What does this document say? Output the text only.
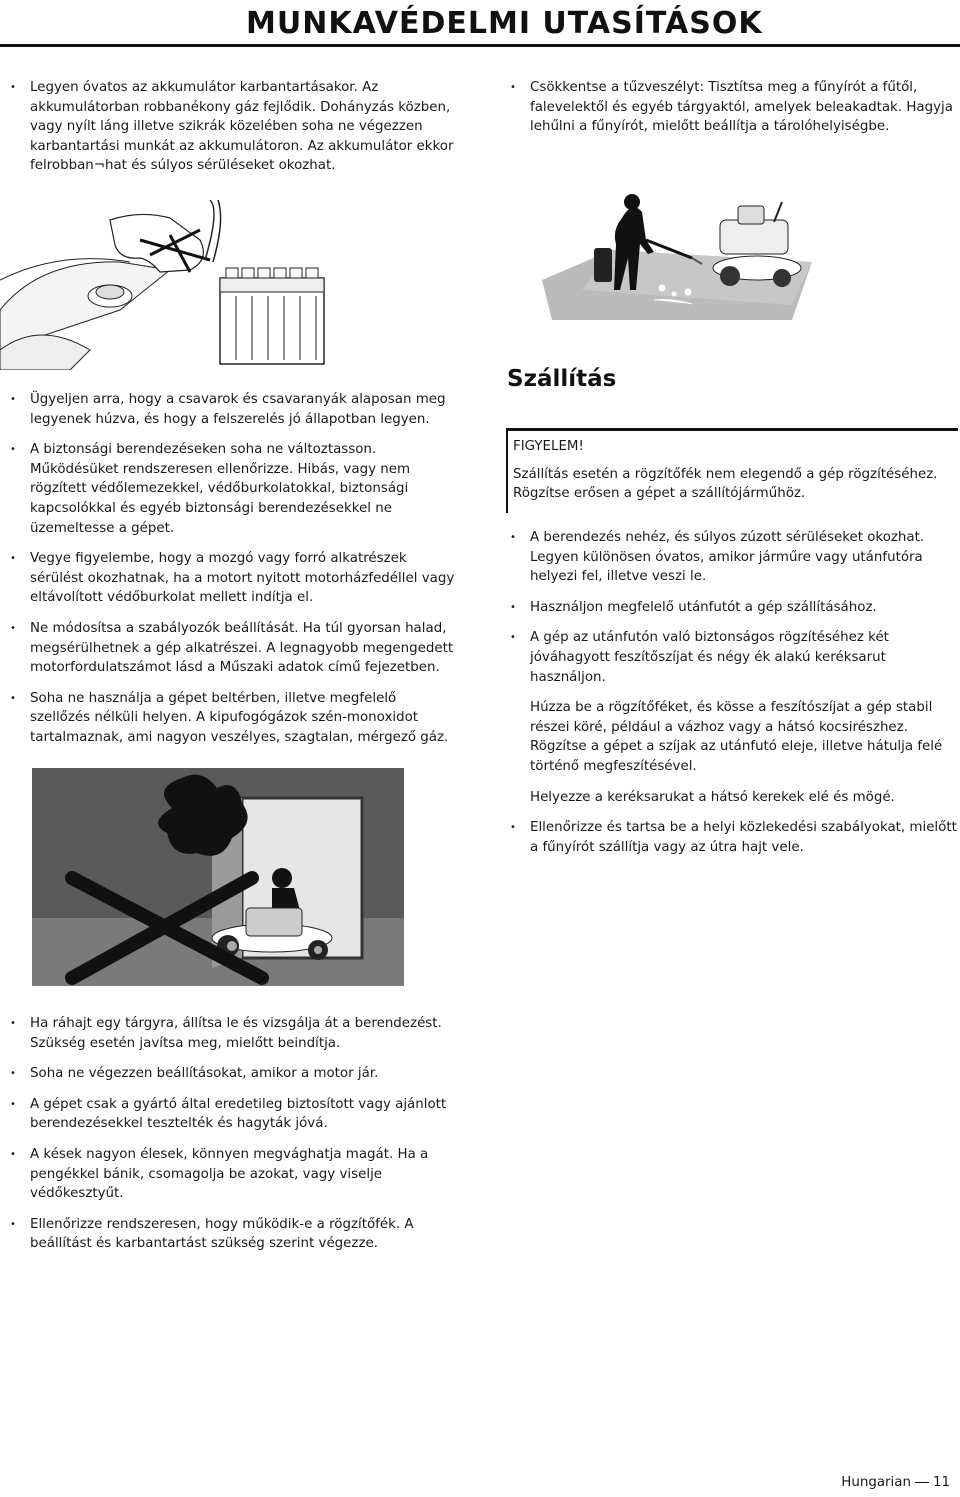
MUNKAVÉDELMI UTASÍTÁSOK
• Legyen óvatos az akkumulátor karbantartásakor. Az akkumulátorban robbanékony gáz fejlődik. Dohányzás közben, vagy nyílt láng illetve szikrák közelében soha ne végezzen karbantartási munkát az akkumulátoron. Az akkumulátor ekkor felrobban¬hat és súlyos sérüléseket okozhat.
• Csökkentse a tűzveszélyt: Tisztítsa meg a fűnyírót a fűtől, falevelektől és egyéb tárgyaktól, amelyek beleakadtak. Hagyja lehűlni a fűnyírót, mielőtt beállítja a tárolóhelyiségbe.
• Ügyeljen arra, hogy a csavarok és csavaranyák alaposan meg legyenek húzva, és hogy a felszerelés jó állapotban legyen.
• A biztonsági berendezéseken soha ne változtasson. Működésüket rendszeresen ellenőrizze. Hibás, vagy nem rögzített védőlemezekkel, védőburkolatokkal, biztonsági kapcsolókkal és egyéb biztonsági berendezésekkel ne üzemeltesse a gépet.
• Vegye figyelembe, hogy a mozgó vagy forró alkatrészek sérülést okozhatnak, ha a motort nyitott motorházfedéllel vagy eltávolított védőburkolat mellett indítja el.
• Ne módosítsa a szabályozók beállítását. Ha túl gyorsan halad, megsérülhetnek a gép alkatrészei. A legnagyobb megengedett motorfordulatszámot lásd a Műszaki adatok című fejezetben.
• Soha ne használja a gépet beltérben, illetve megfelelő szellőzés nélküli helyen. A kipufogógázok szén-monoxidot tartalmaznak, ami nagyon veszélyes, szagtalan, mérgező gáz.
Szállítás
FIGYELEM!
Szállítás esetén a rögzítőfék nem elegendő a gép rögzítéséhez. Rögzítse erősen a gépet a szállítójárműhöz.
• A berendezés nehéz, és súlyos zúzott sérüléseket okozhat. Legyen különösen óvatos, amikor járműre vagy utánfutóra helyezi fel, illetve veszi le.
• Használjon megfelelő utánfutót a gép szállításához.
• A gép az utánfutón való biztonságos rögzítéséhez két jóváhagyott feszítőszíjat és négy ék alakú keréksarut használjon.

Húzza be a rögzítőféket, és kösse a feszítószíjat a gép stabil részei köré, például a vázhoz vagy a hátsó kocsirészhez. Rögzítse a gépet a szíjak az utánfutó eleje, illetve hátulja felé történő megfeszítésével.

Helyezze a keréksarukat a hátsó kerekek elé és mögé.

• Ellenőrizze és tartsa be a helyi közlekedési szabályokat, mielőtt a fűnyírót szállítja vagy az útra hajt vele.
• Ha ráhajt egy tárgyra, állítsa le és vizsgálja át a berendezést. Szükség esetén javítsa meg, mielőtt beindítja.
• Soha ne végezzen beállításokat, amikor a motor jár.
• A gépet csak a gyártó által eredetileg biztosított vagy ajánlott berendezésekkel tesztelték és hagyták jóvá.
• A kések nagyon élesek, könnyen megvághatja magát. Ha a pengékkel bánik, csomagolja be azokat, vagy viselje védőkesztyűt.
• Ellenőrizze rendszeresen, hogy működik-e a rögzítőfék. A beállítást és karbantartást szükség szerint végezze.
Hungarian 11
